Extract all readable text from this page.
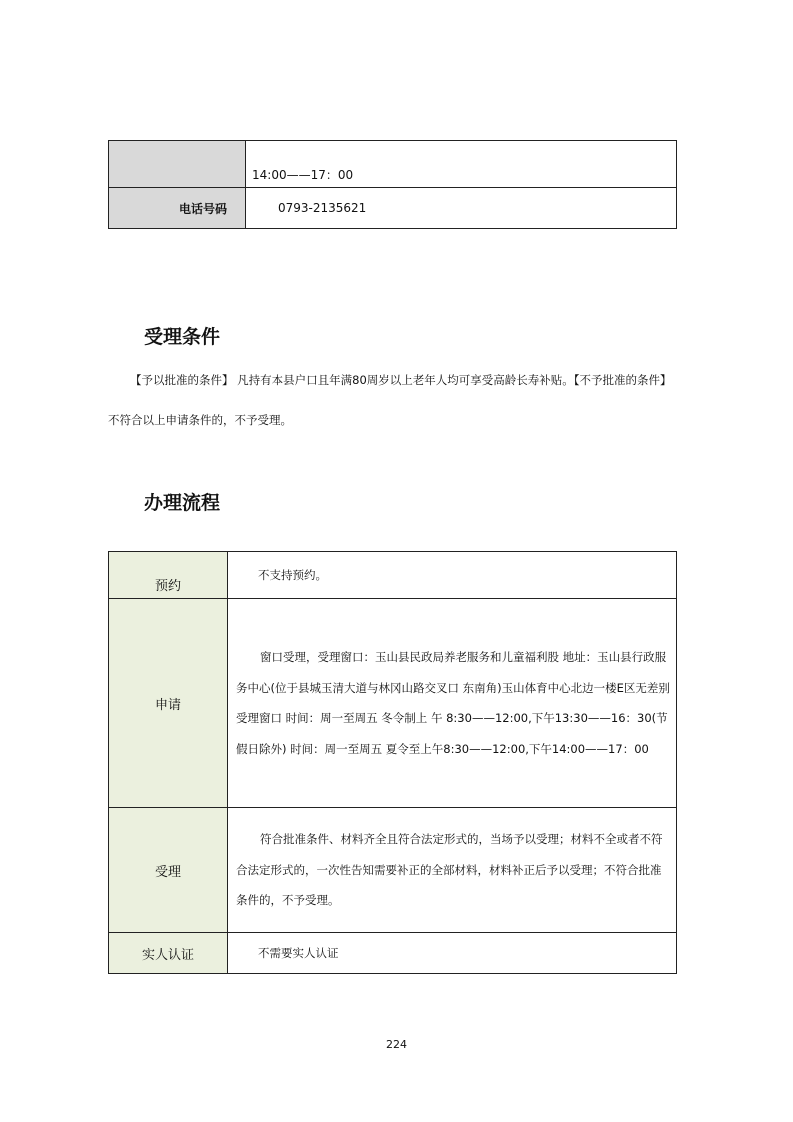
	14:00——17：00
电话号码	0793-2135621
受理条件

【予以批准的条件】 凡持有本县户口且年满80周岁以上老年人均可享受高龄长寿补贴。【不予批准的条件】

不符合以上申请条件的，不予受理。

办理流程
预约	不支持预约。
申请	窗口受理，受理窗口：玉山县民政局养老服务和儿童福利股 地址：玉山县行政服务中心(位于县城玉清大道与林冈山路交叉口 东南角)玉山体育中心北边一楼E区无差别受理窗口 时间：周一至周五 冬令制上 午 8:30——12:00,下午13:30——16：30(节假日除外) 时间：周一至周五 夏令至上午8:30——12:00,下午14:00——17：00

受理	符合批准条件、材料齐全且符合法定形式的，当场予以受理；材料不全或者不符合法定形式的，一次性告知需要补正的全部材料，材料补正后予以受理；不符合批准条件的，不予受理。

实人认证	不需要实人认证
224
